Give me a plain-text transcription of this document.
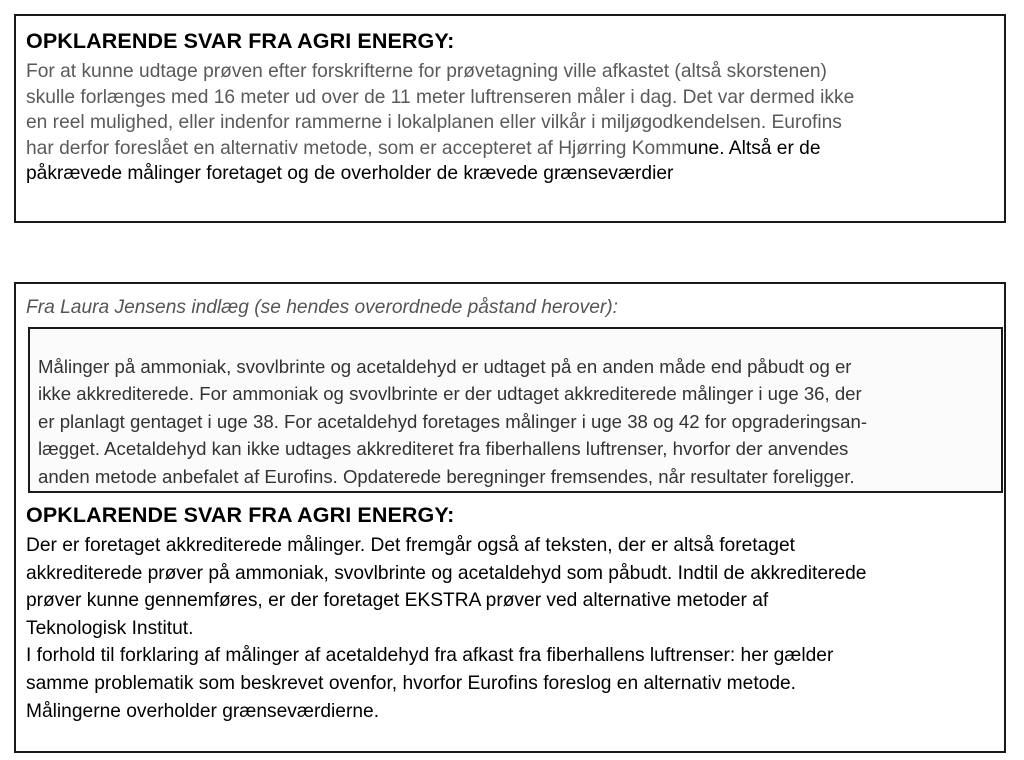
OPKLARENDE SVAR FRA AGRI ENERGY:
For at kunne udtage prøven efter forskrifterne for prøvetagning ville afkastet (altså skorstenen)
skulle forlænges med 16 meter ud over de 11 meter luftrenseren måler i dag. Det var dermed ikke
en reel mulighed, eller indenfor rammerne i lokalplanen eller vilkår i miljøgodkendelsen. Eurofins
har derfor foreslået en alternativ metode, som er accepteret af Hjørring Kommune. Altså er de
påkrævede målinger foretaget og de overholder de krævede grænseværdier
Fra Laura Jensens indlæg (se hendes overordnede påstand herover):
Målinger på ammoniak, svovlbrinte og acetaldehyd er udtaget på en anden måde end påbudt og er
ikke akkrediterede. For ammoniak og svovlbrinte er der udtaget akkrediterede målinger i uge 36, der
er planlagt gentaget i uge 38. For acetaldehyd foretages målinger i uge 38 og 42 for opgraderingsan-
lægget. Acetaldehyd kan ikke udtages akkrediteret fra fiberhallens luftrenser, hvorfor der anvendes
anden metode anbefalet af Eurofins. Opdaterede beregninger fremsendes, når resultater foreligger.
OPKLARENDE SVAR FRA AGRI ENERGY:
Der er foretaget akkrediterede målinger. Det fremgår også af teksten, der er altså foretaget
akkrediterede prøver på ammoniak, svovlbrinte og acetaldehyd som påbudt. Indtil de akkrediterede
prøver kunne gennemføres, er der foretaget EKSTRA prøver ved alternative metoder af
Teknologisk Institut.
I forhold til forklaring af målinger af acetaldehyd fra afkast fra fiberhallens luftrenser: her gælder
samme problematik som beskrevet ovenfor, hvorfor Eurofins foreslog en alternativ metode.
Målingerne overholder grænseværdierne.
